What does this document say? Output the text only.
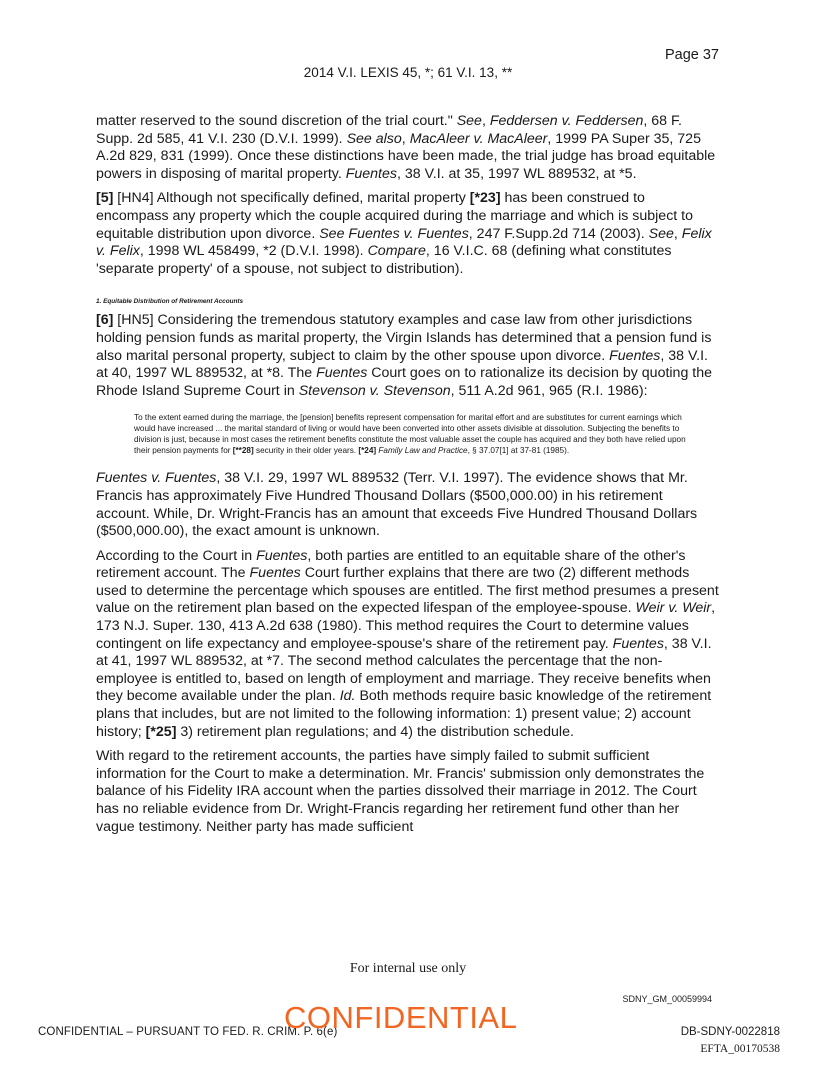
Page 37
2014 V.I. LEXIS 45, *; 61 V.I. 13, **

matter reserved to the sound discretion of the trial court." See, Feddersen v. Feddersen, 68 F. Supp. 2d 585, 41 V.I. 230 (D.V.I. 1999). See also, MacAleer v. MacAleer, 1999 PA Super 35, 725 A.2d 829, 831 (1999). Once these distinctions have been made, the trial judge has broad equitable powers in disposing of marital property. Fuentes, 38 V.I. at 35, 1997 WL 889532, at *5.

[5] [HN4] Although not specifically defined, marital property [*23] has been construed to encompass any property which the couple acquired during the marriage and which is subject to equitable distribution upon divorce. See Fuentes v. Fuentes, 247 F.Supp.2d 714 (2003). See, Felix v. Felix, 1998 WL 458499, *2 (D.V.I. 1998). Compare, 16 V.I.C. 68 (defining what constitutes 'separate property' of a spouse, not subject to distribution).

1. Equitable Distribution of Retirement Accounts

[6] [HN5] Considering the tremendous statutory examples and case law from other jurisdictions holding pension funds as marital property, the Virgin Islands has determined that a pension fund is also marital personal property, subject to claim by the other spouse upon divorce. Fuentes, 38 V.I. at 40, 1997 WL 889532, at *8. The Fuentes Court goes on to rationalize its decision by quoting the Rhode Island Supreme Court in Stevenson v. Stevenson, 511 A.2d 961, 965 (R.I. 1986):

To the extent earned during the marriage, the [pension] benefits represent compensation for marital effort and are substitutes for current earnings which would have increased ... the marital standard of living or would have been converted into other assets divisible at dissolution. Subjecting the benefits to division is just, because in most cases the retirement benefits constitute the most valuable asset the couple has acquired and they both have relied upon their pension payments for [**28] security in their older years. [*24] Family Law and Practice, § 37.07[1] at 37-81 (1985).

Fuentes v. Fuentes, 38 V.I. 29, 1997 WL 889532 (Terr. V.I. 1997). The evidence shows that Mr. Francis has approximately Five Hundred Thousand Dollars ($500,000.00) in his retirement account. While, Dr. Wright-Francis has an amount that exceeds Five Hundred Thousand Dollars ($500,000.00), the exact amount is unknown.

According to the Court in Fuentes, both parties are entitled to an equitable share of the other's retirement account. The Fuentes Court further explains that there are two (2) different methods used to determine the percentage which spouses are entitled. The first method presumes a present value on the retirement plan based on the expected lifespan of the employee-spouse. Weir v. Weir, 173 N.J. Super. 130, 413 A.2d 638 (1980). This method requires the Court to determine values contingent on life expectancy and employee-spouse's share of the retirement pay. Fuentes, 38 V.I. at 41, 1997 WL 889532, at *7. The second method calculates the percentage that the non-employee is entitled to, based on length of employment and marriage. They receive benefits when they become available under the plan. Id. Both methods require basic knowledge of the retirement plans that includes, but are not limited to the following information: 1) present value; 2) account history; [*25] 3) retirement plan regulations; and 4) the distribution schedule.

With regard to the retirement accounts, the parties have simply failed to submit sufficient information for the Court to make a determination. Mr. Francis' submission only demonstrates the balance of his Fidelity IRA account when the parties dissolved their marriage in 2012. The Court has no reliable evidence from Dr. Wright-Francis regarding her retirement fund other than her vague testimony. Neither party has made sufficient

For internal use only
SDNY_GM_00059994
CONFIDENTIAL – PURSUANT TO FED. R. CRIM. P. 6(e)
CONFIDENTIAL	DB-SDNY-0022818
EFTA_00170538
